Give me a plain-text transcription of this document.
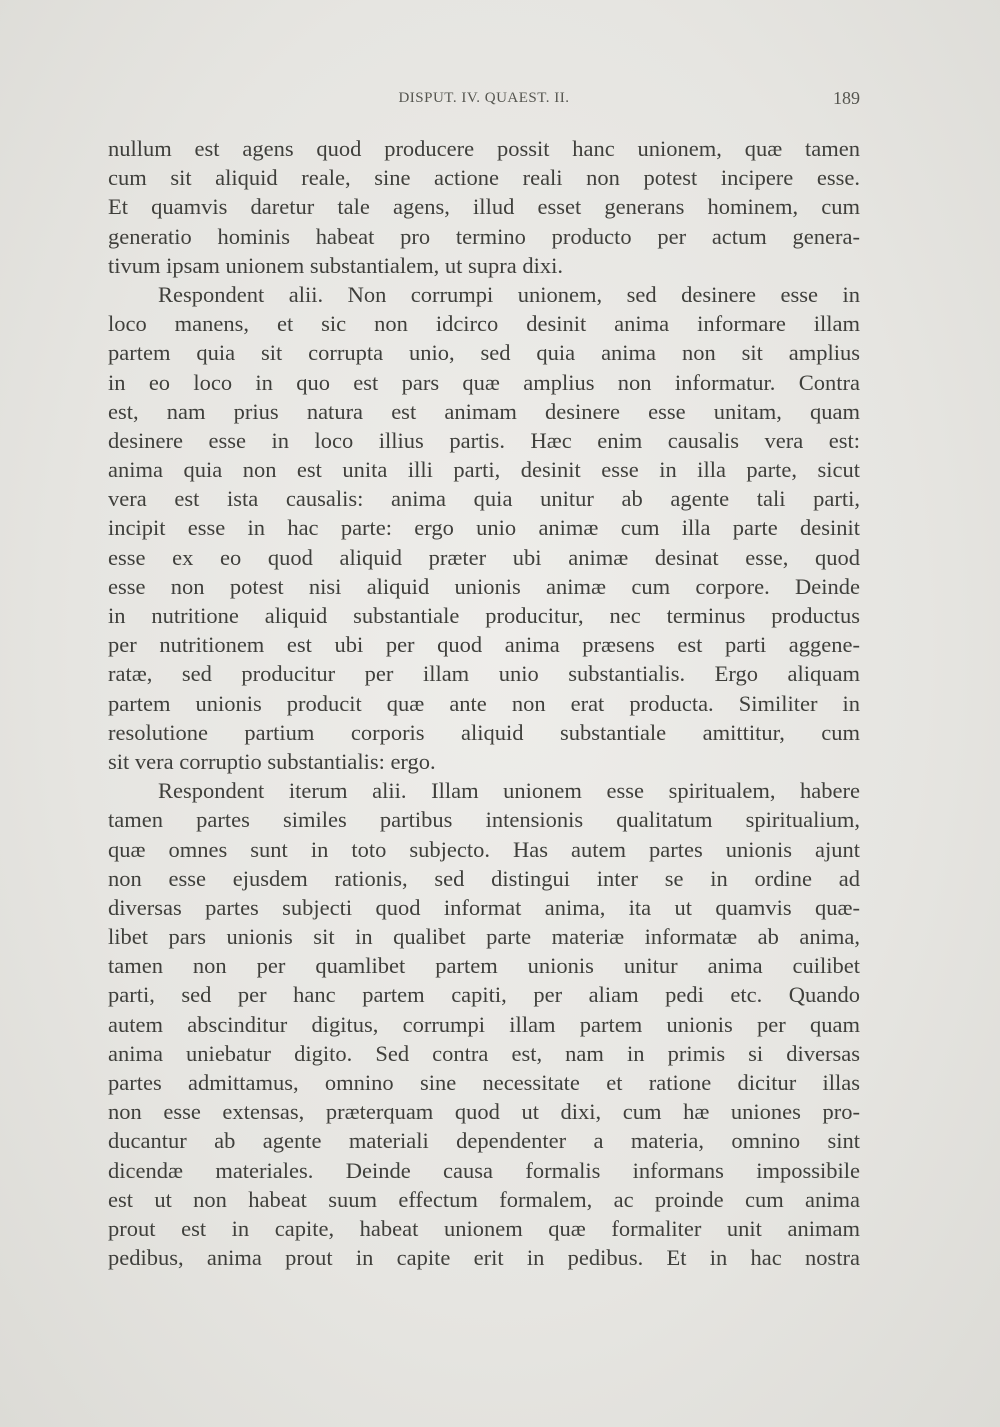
DISPUT. IV. QUAEST. II.	189
nullum est agens quod producere possit hanc unionem, quæ tamen
cum sit aliquid reale, sine actione reali non potest incipere esse.
Et quamvis daretur tale agens, illud esset generans hominem, cum
generatio hominis habeat pro termino producto per actum genera-
tivum ipsam unionem substantialem, ut supra dixi.
Respondent alii. Non corrumpi unionem, sed desinere esse in
loco manens, et sic non idcirco desinit anima informare illam
partem quia sit corrupta unio, sed quia anima non sit amplius
in eo loco in quo est pars quæ amplius non informatur. Contra
est, nam prius natura est animam desinere esse unitam, quam
desinere esse in loco illius partis. Hæc enim causalis vera est:
anima quia non est unita illi parti, desinit esse in illa parte, sicut
vera est ista causalis: anima quia unitur ab agente tali parti,
incipit esse in hac parte: ergo unio animæ cum illa parte desinit
esse ex eo quod aliquid præter ubi animæ desinat esse, quod
esse non potest nisi aliquid unionis animæ cum corpore. Deinde
in nutritione aliquid substantiale producitur, nec terminus productus
per nutritionem est ubi per quod anima præsens est parti aggene-
ratæ, sed producitur per illam unio substantialis. Ergo aliquam
partem unionis producit quæ ante non erat producta. Similiter in
resolutione partium corporis aliquid substantiale amittitur, cum
sit vera corruptio substantialis: ergo.
Respondent iterum alii. Illam unionem esse spiritualem, habere
tamen partes similes partibus intensionis qualitatum spiritualium,
quæ omnes sunt in toto subjecto. Has autem partes unionis ajunt
non esse ejusdem rationis, sed distingui inter se in ordine ad
diversas partes subjecti quod informat anima, ita ut quamvis quæ-
libet pars unionis sit in qualibet parte materiæ informatæ ab anima,
tamen non per quamlibet partem unionis unitur anima cuilibet
parti, sed per hanc partem capiti, per aliam pedi etc. Quando
autem abscinditur digitus, corrumpi illam partem unionis per quam
anima uniebatur digito. Sed contra est, nam in primis si diversas
partes admittamus, omnino sine necessitate et ratione dicitur illas
non esse extensas, præterquam quod ut dixi, cum hæ uniones pro-
ducantur ab agente materiali dependenter a materia, omnino sint
dicendæ materiales. Deinde causa formalis informans impossibile
est ut non habeat suum effectum formalem, ac proinde cum anima
prout est in capite, habeat unionem quæ formaliter unit animam
pedibus, anima prout in capite erit in pedibus. Et in hac nostra
